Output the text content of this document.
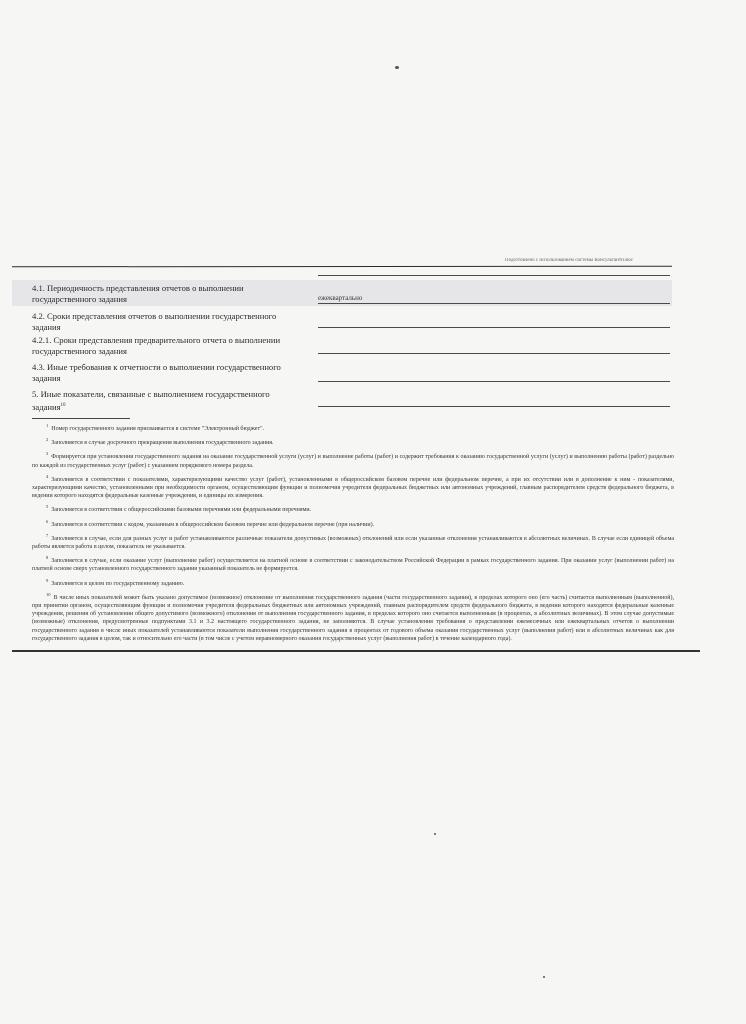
Подготовлено с использованием системы КонсультантПлюс
4.1. Периодичность представления отчетов о выполнении государственного задания	ежеквартально
4.2. Сроки представления отчетов о выполнении государственного задания
4.2.1. Сроки представления предварительного отчета о выполнении государственного задания
4.3. Иные требования к отчетности о выполнении государственного задания
5. Иные показатели, связанные с выполнением государственного задания$^{10}$

$^1$Номер государственного задания присваивается в системе "Электронный бюджет".

$^2$Заполняется в случае досрочного прекращения выполнения государственного задания.

$^3$Формируется при установлении государственного задания на оказание государственной услуги (услуг) и выполнение работы (работ) и содержит требования к оказанию государственной услуги (услуг) и выполнению работы (работ) раздельно по каждой из государственных услуг (работ) с указанием порядкового номера раздела.

$^4$Заполняется в соответствии с показателями, характеризующими качество услуг (работ), установленными в общероссийском базовом перечне или федеральном перечне, а при их отсутствии или в дополнение к ним - показателями, характеризующими качество, установленными при необходимости органом, осуществляющим функции и полномочия учредителя федеральных бюджетных или автономных учреждений, главным распорядителем средств федерального бюджета, в ведении которого находятся федеральные казенные учреждения, и единицы их измерения.

$^5$Заполняется в соответствии с общероссийскими базовыми перечнями или федеральными перечнями.

$^6$Заполняется в соответствии с кодом, указанным в общероссийском базовом перечне или федеральном перечне (при наличии).

$^7$Заполняется в случае, если для разных услуг и работ устанавливаются различные показатели допустимых (возможных) отклонений или если указанные отклонения устанавливаются в абсолютных величинах. В случае если единицей объема работы является работа в целом, показатель не указывается.

$^8$Заполняется в случае, если оказание услуг (выполнение работ) осуществляется на платной основе в соответствии с законодательством Российской Федерации в рамках государственного задания. При оказании услуг (выполнении работ) на платной основе сверх установленного государственного задания указанный показатель не формируется.

$^9$Заполняется в целом по государственному заданию.

$^{10}$В числе иных показателей может быть указано допустимое (возможное) отклонение от выполнения государственного задания (части государственного задания), в пределах которого оно (его часть) считается выполненным (выполненной), при принятии органом, осуществляющим функции и полномочия учредителя федеральных бюджетных или автономных учреждений, главным распорядителем средств федерального бюджета, в ведении которого находятся федеральные казенные учреждения, решения об установлении общего допустимого (возможного) отклонения от выполнения государственного задания, в пределах которого оно считается выполненным (в процентах, в абсолютных величинах). В этом случае допустимые (возможные) отклонения, предусмотренные подпунктами 3.1 и 3.2 настоящего государственного задания, не заполняются. В случае установления требования о представлении ежемесячных или ежеквартальных отчетов о выполнении государственного задания в числе иных показателей устанавливаются показатели выполнения государственного задания в процентах от годового объема оказания государственных услуг (выполнения работ) или в абсолютных величинах как для государственного задания в целом, так и относительно его части (в том числе с учетом неравномерного оказания государственных услуг (выполнения работ) в течение календарного года).
